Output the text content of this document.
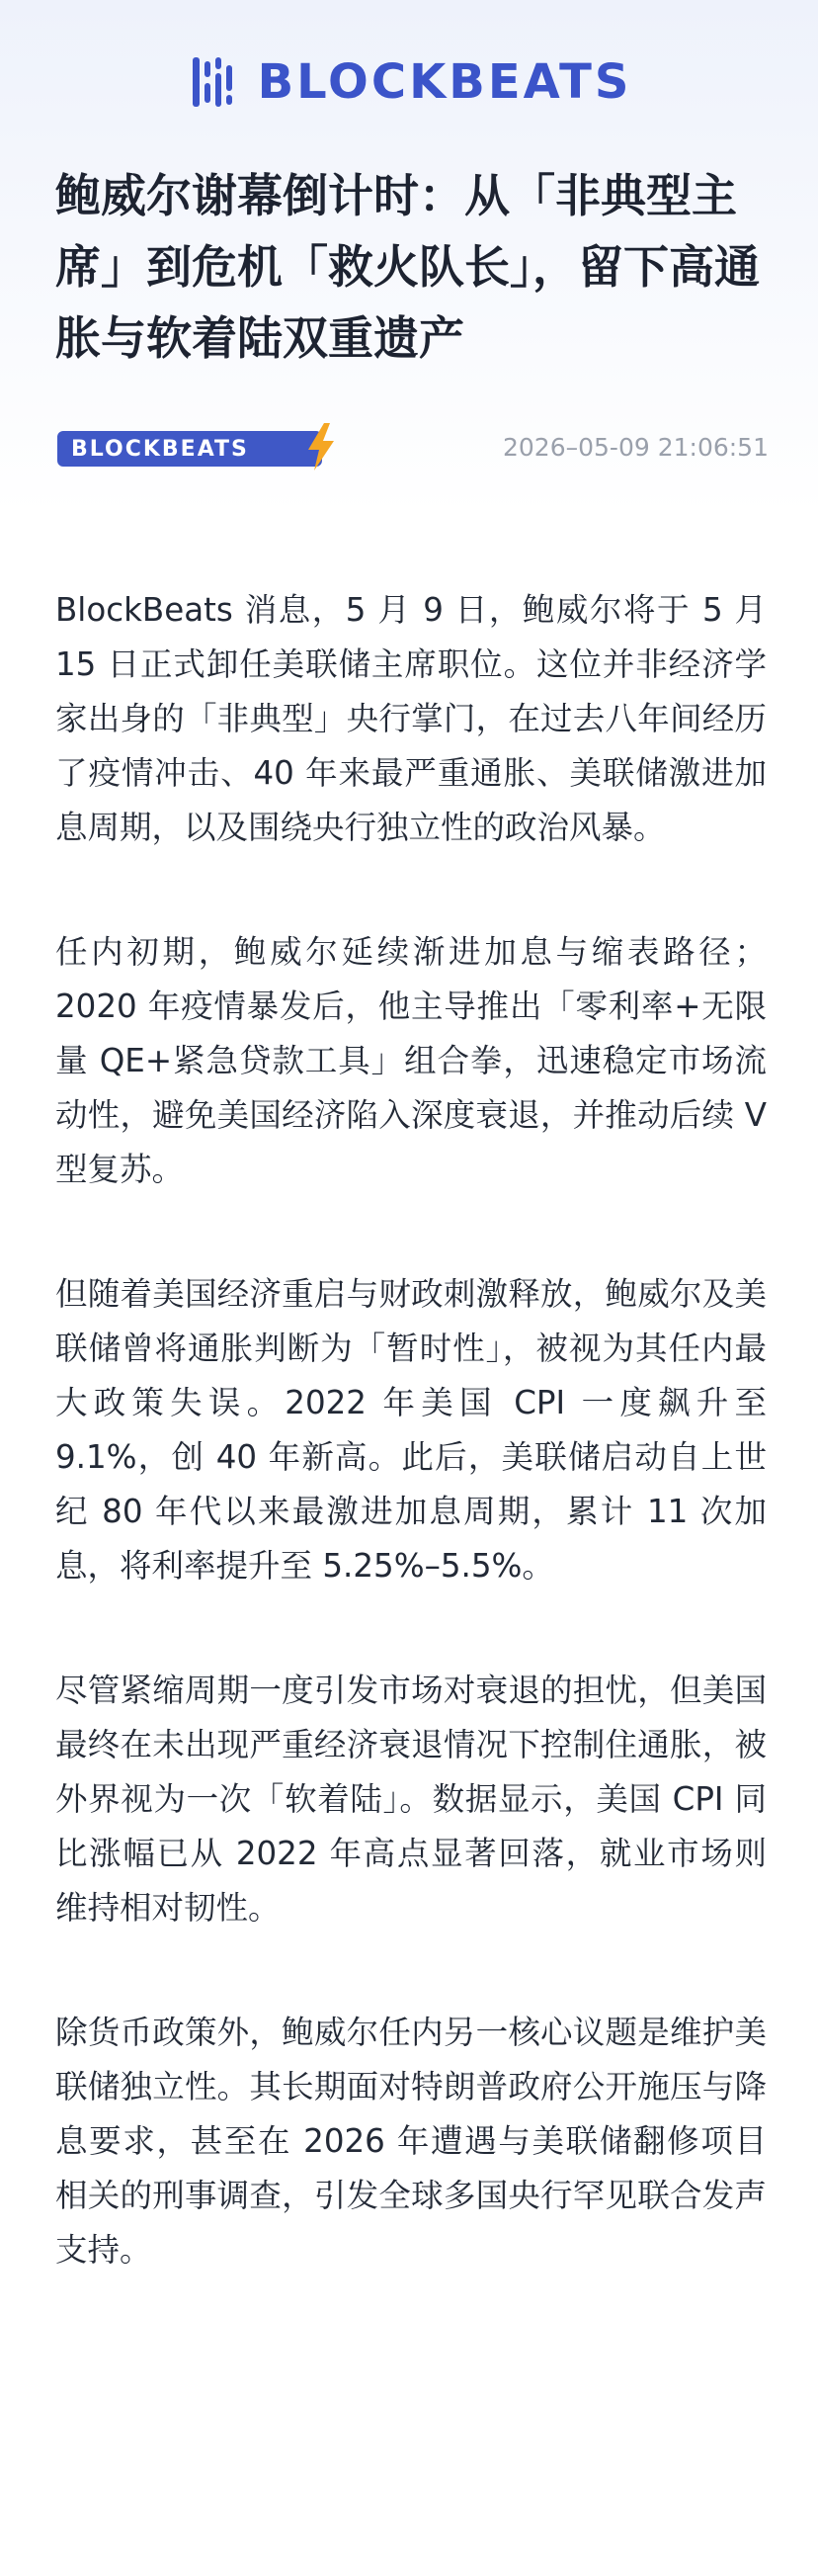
BLOCKBEATS
鲍威尔谢幕倒计时：从「非典型主席」到危机「救火队长」，留下高通胀与软着陆双重遗产
BLOCKBEATS	2026–05-09 21:06:51

BlockBeats 消息，5 月 9 日，鲍威尔将于 5 月 15 日正式卸任美联储主席职位。这位并非经济学家出身的「非典型」央行掌门，在过去八年间经历了疫情冲击、40 年来最严重通胀、美联储激进加息周期，以及围绕央行独立性的政治风暴。

任内初期，鲍威尔延续渐进加息与缩表路径；2020 年疫情暴发后，他主导推出「零利率+无限量 QE+紧急贷款工具」组合拳，迅速稳定市场流动性，避免美国经济陷入深度衰退，并推动后续 V 型复苏。

但随着美国经济重启与财政刺激释放，鲍威尔及美联储曾将通胀判断为「暂时性」，被视为其任内最大政策失误。2022 年美国 CPI 一度飙升至 9.1%，创 40 年新高。此后，美联储启动自上世纪 80 年代以来最激进加息周期，累计 11 次加息，将利率提升至 5.25%–5.5%。

尽管紧缩周期一度引发市场对衰退的担忧，但美国最终在未出现严重经济衰退情况下控制住通胀，被外界视为一次「软着陆」。数据显示，美国 CPI 同比涨幅已从 2022 年高点显著回落，就业市场则维持相对韧性。

除货币政策外，鲍威尔任内另一核心议题是维护美联储独立性。其长期面对特朗普政府公开施压与降息要求，甚至在 2026 年遭遇与美联储翻修项目相关的刑事调查，引发全球多国央行罕见联合发声支持。
